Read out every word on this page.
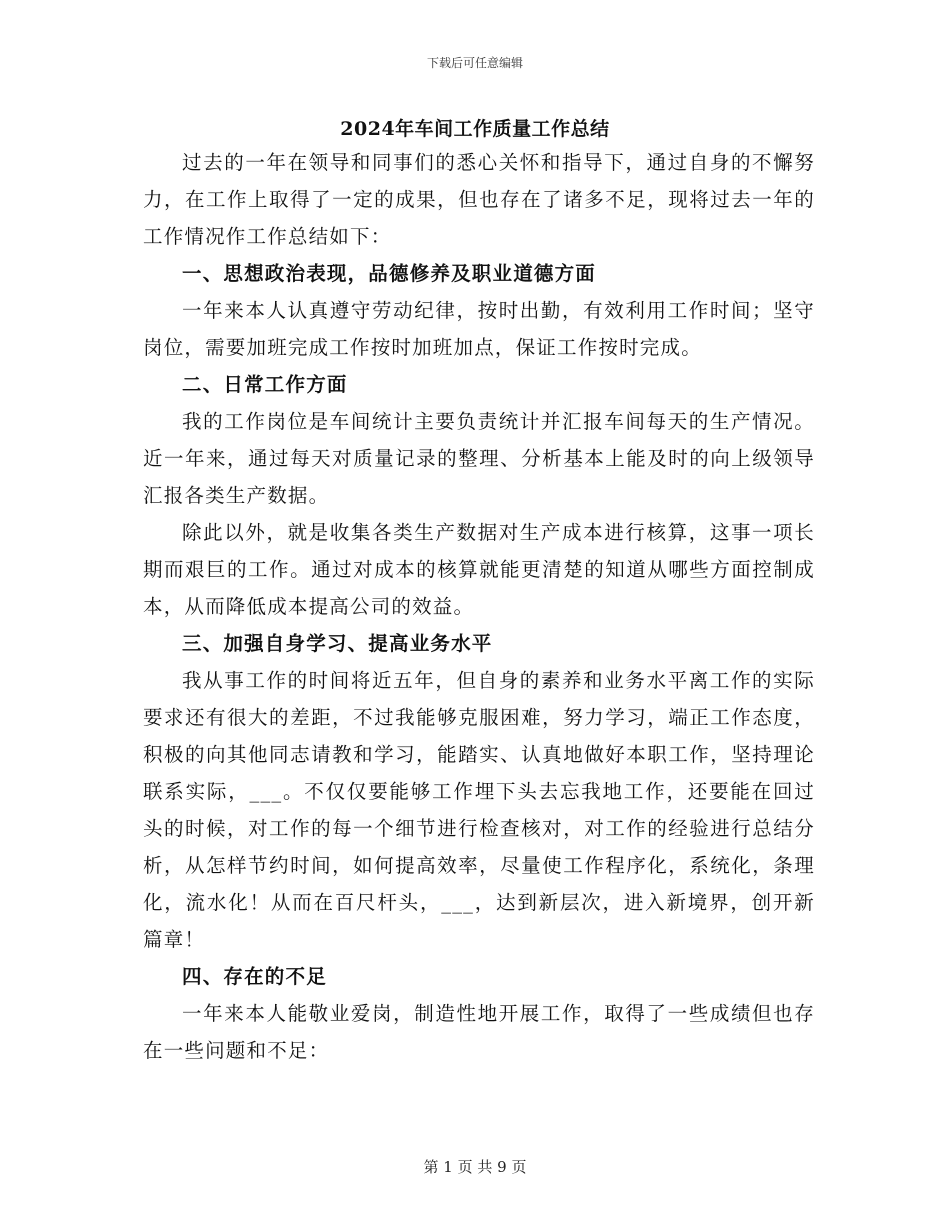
下载后可任意编辑
2024年车间工作质量工作总结

过去的一年在领导和同事们的悉心关怀和指导下，通过自身的不懈努力，在工作上取得了一定的成果，但也存在了诸多不足，现将过去一年的工作情况作工作总结如下：

一、思想政治表现，品德修养及职业道德方面

一年来本人认真遵守劳动纪律，按时出勤，有效利用工作时间；坚守岗位，需要加班完成工作按时加班加点，保证工作按时完成。

二、日常工作方面

我的工作岗位是车间统计主要负责统计并汇报车间每天的生产情况。近一年来，通过每天对质量记录的整理、分析基本上能及时的向上级领导汇报各类生产数据。

除此以外，就是收集各类生产数据对生产成本进行核算，这事一项长期而艰巨的工作。通过对成本的核算就能更清楚的知道从哪些方面控制成本，从而降低成本提高公司的效益。

三、加强自身学习、提高业务水平

我从事工作的时间将近五年，但自身的素养和业务水平离工作的实际要求还有很大的差距，不过我能够克服困难，努力学习，端正工作态度，积极的向其他同志请教和学习，能踏实、认真地做好本职工作，坚持理论联系实际，___。不仅仅要能够工作埋下头去忘我地工作，还要能在回过头的时候，对工作的每一个细节进行检查核对，对工作的经验进行总结分析，从怎样节约时间，如何提高效率，尽量使工作程序化，系统化，条理化，流水化！从而在百尺杆头，___，达到新层次，进入新境界，创开新篇章！

四、存在的不足

一年来本人能敬业爱岗，制造性地开展工作，取得了一些成绩但也存在一些问题和不足：

第 1 页 共 9 页
